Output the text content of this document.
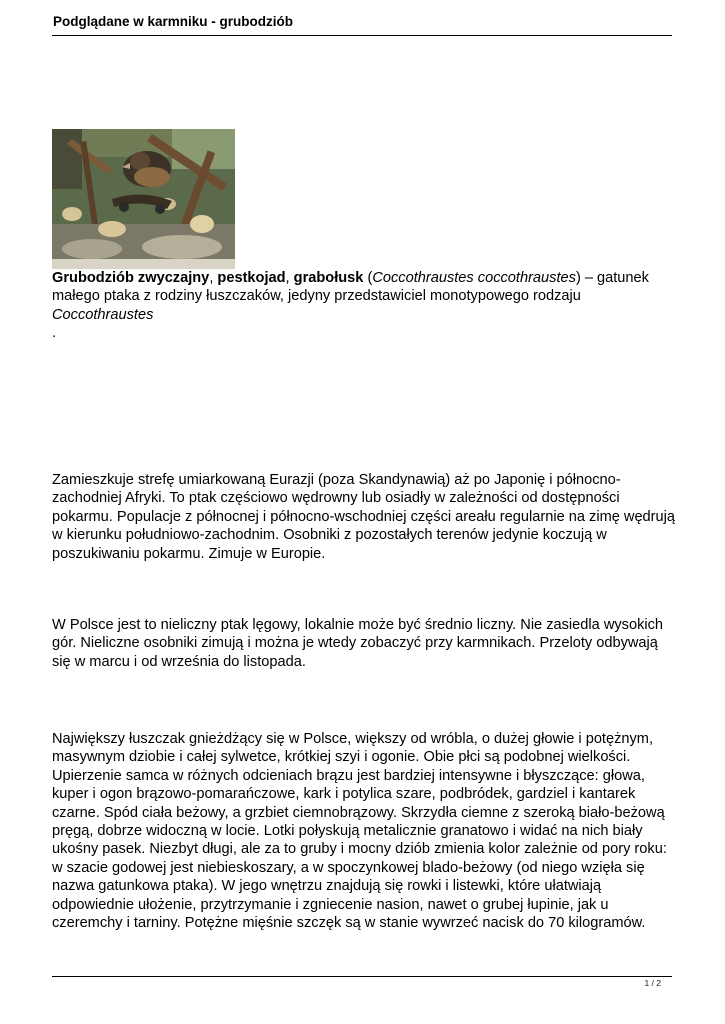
Podglądane w karmniku - grubodziób

Grubodziób zwyczajny, pestkojad, grabołusk (Coccothraustes coccothraustes) – gatunek małego ptaka z rodziny łuszczaków, jedyny przedstawiciel monotypowego rodzaju
Coccothraustes
.

Zamieszkuje strefę umiarkowaną Eurazji (poza Skandynawią) aż po Japonię i północno-zachodniej Afryki. To ptak częściowo wędrowny lub osiadły w zależności od dostępności pokarmu. Populacje z północnej i północno-wschodniej części areału regularnie na zimę wędrują w kierunku południowo-zachodnim. Osobniki z pozostałych terenów jedynie koczują w poszukiwaniu pokarmu. Zimuje w Europie.

W Polsce jest to nieliczny ptak lęgowy, lokalnie może być średnio liczny. Nie zasiedla wysokich gór. Nieliczne osobniki zimują i można je wtedy zobaczyć przy karmnikach. Przeloty odbywają się w marcu i od września do listopada.

Największy łuszczak gnieżdżący się w Polsce, większy od wróbla, o dużej głowie i potężnym, masywnym dziobie i całej sylwetce, krótkiej szyi i ogonie. Obie płci są podobnej wielkości. Upierzenie samca w różnych odcieniach brązu jest bardziej intensywne i błyszczące: głowa, kuper i ogon brązowo-pomarańczowe, kark i potylica szare, podbródek, gardziel i kantarek czarne. Spód ciała beżowy, a grzbiet ciemnobrązowy. Skrzydła ciemne z szeroką biało-beżową pręgą, dobrze widoczną w locie. Lotki połyskują metalicznie granatowo i widać na nich biały ukośny pasek. Niezbyt długi, ale za to gruby i mocny dziób zmienia kolor zależnie od pory roku: w szacie godowej jest niebieskoszary, a w spoczynkowej blado-beżowy (od niego wzięła się nazwa gatunkowa ptaka). W jego wnętrzu znajdują się rowki i listewki, które ułatwiają odpowiednie ułożenie, przytrzymanie i zgniecenie nasion, nawet o grubej łupinie, jak u czeremchy i tarniny. Potężne mięśnie szczęk są w stanie wywrzeć nacisk do 70 kilogramów.

1 / 2
